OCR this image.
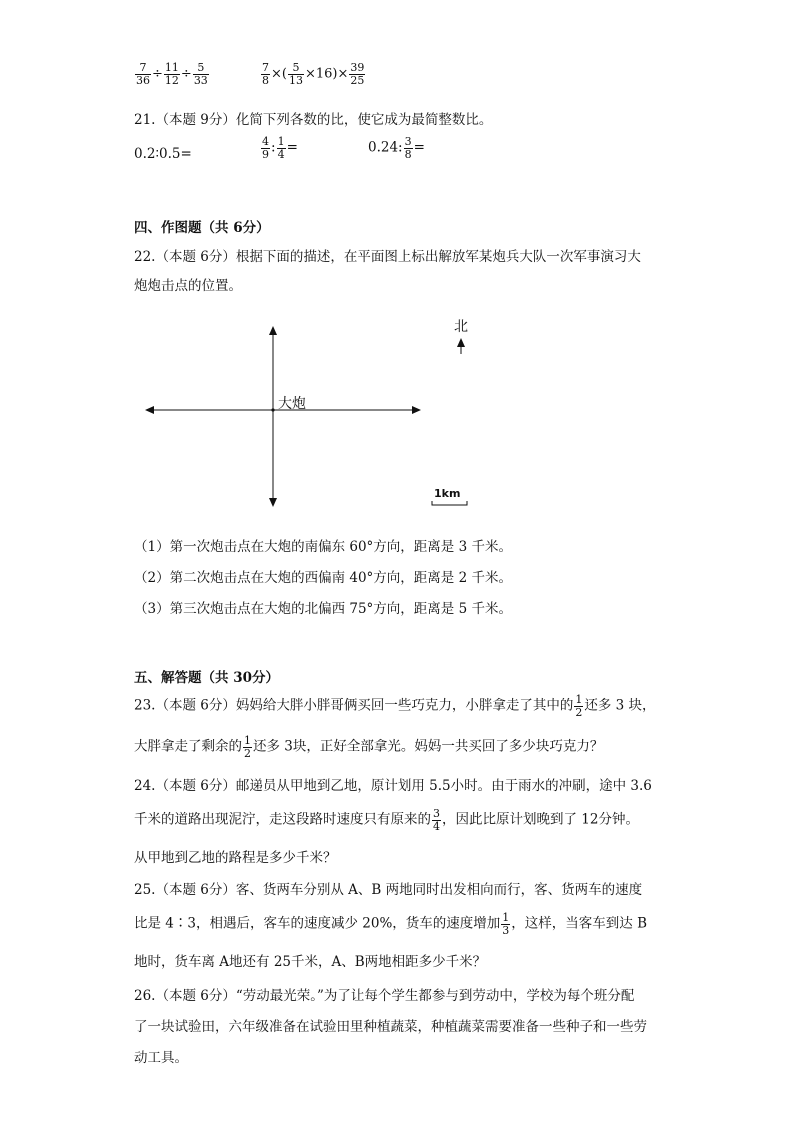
$\frac{7}{36} \div \frac{11}{12} \div \frac{5}{33}$	$\frac{7}{8}$ ×( $\frac{5}{13} \times 16)\times \frac{39}{25}$
21.（本题 9分）化简下列各数的比，使它成为最简整数比。
0.2∶0.5=	$\frac{4}{9}$ : $\frac{1}{4}$ =	0.24: $\frac{3}{8}$ =
四、作图题（共 6分）
22.（本题 6分）根据下面的描述，在平面图上标出解放军某炮兵大队一次军事演习大
炮炮击点的位置。
大炮
北
1km
（1）第一次炮击点在大炮的南偏东 60°方向，距离是 3 千米。
（2）第二次炮击点在大炮的西偏南 40°方向，距离是 2 千米。
（3）第三次炮击点在大炮的北偏西 75°方向，距离是 5 千米。
五、解答题（共 30分）
23.（本题 6分）妈妈给大胖小胖哥俩买回一些巧克力，小胖拿走了其中的 $\frac{1}{2}$ 还多 3 块，
大胖拿走了剩余的 $\frac{1}{2}$ 还多 3块，正好全部拿光。妈妈一共买回了多少块巧克力？
24.（本题 6分）邮递员从甲地到乙地，原计划用 5.5小时。由于雨水的冲刷，途中 3.6
千米的道路出现泥泞，走这段路时速度只有原来的 $\frac{3}{4}$ ，因此比原计划晚到了 12分钟。
从甲地到乙地的路程是多少千米？
25.（本题 6分）客、货两车分别从 A、B 两地同时出发相向而行，客、货两车的速度
比是 4∶3，相遇后，客车的速度减少 20%，货车的速度增加 $\frac{1}{3}$ ，这样，当客车到达 B
地时，货车离 A地还有 25千米，A、B两地相距多少千米？
26.（本题 6分）“劳动最光荣。”为了让每个学生都参与到劳动中，学校为每个班分配
了一块试验田，六年级准备在试验田里种植蔬菜，种植蔬菜需要准备一些种子和一些劳
动工具。
